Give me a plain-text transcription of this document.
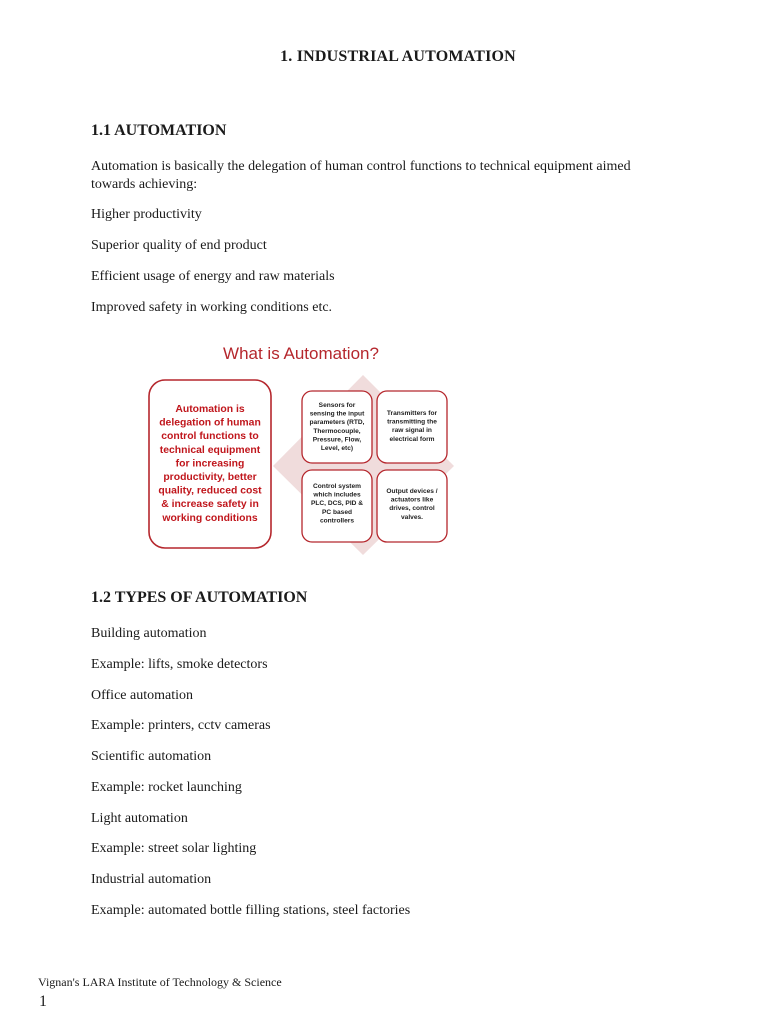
1. INDUSTRIAL AUTOMATION
1.1 AUTOMATION
Automation is basically the delegation of human control functions to technical equipment aimed
towards achieving:
Higher productivity
Superior quality of end product
Efficient usage of energy and raw materials
Improved safety in working conditions etc.
What is Automation?
Automation is delegation of human control functions to technical equipment for increasing productivity, better quality, reduced cost & increase safety in working conditions
Sensors for sensing the input parameters (RTD, Thermocouple, Pressure, Flow, Level, etc)
Transmitters for transmitting the raw signal in electrical form
Control system which includes PLC, DCS, PID & PC based controllers
Output devices / actuators like drives, control valves.
1.2 TYPES OF AUTOMATION
Building automation
Example: lifts, smoke detectors
Office automation
Example: printers, cctv cameras
Scientific automation
Example: rocket launching
Light automation
Example: street solar lighting
Industrial automation
Example: automated bottle filling stations, steel factories
Vignan's LARA Institute of Technology & Science
1
